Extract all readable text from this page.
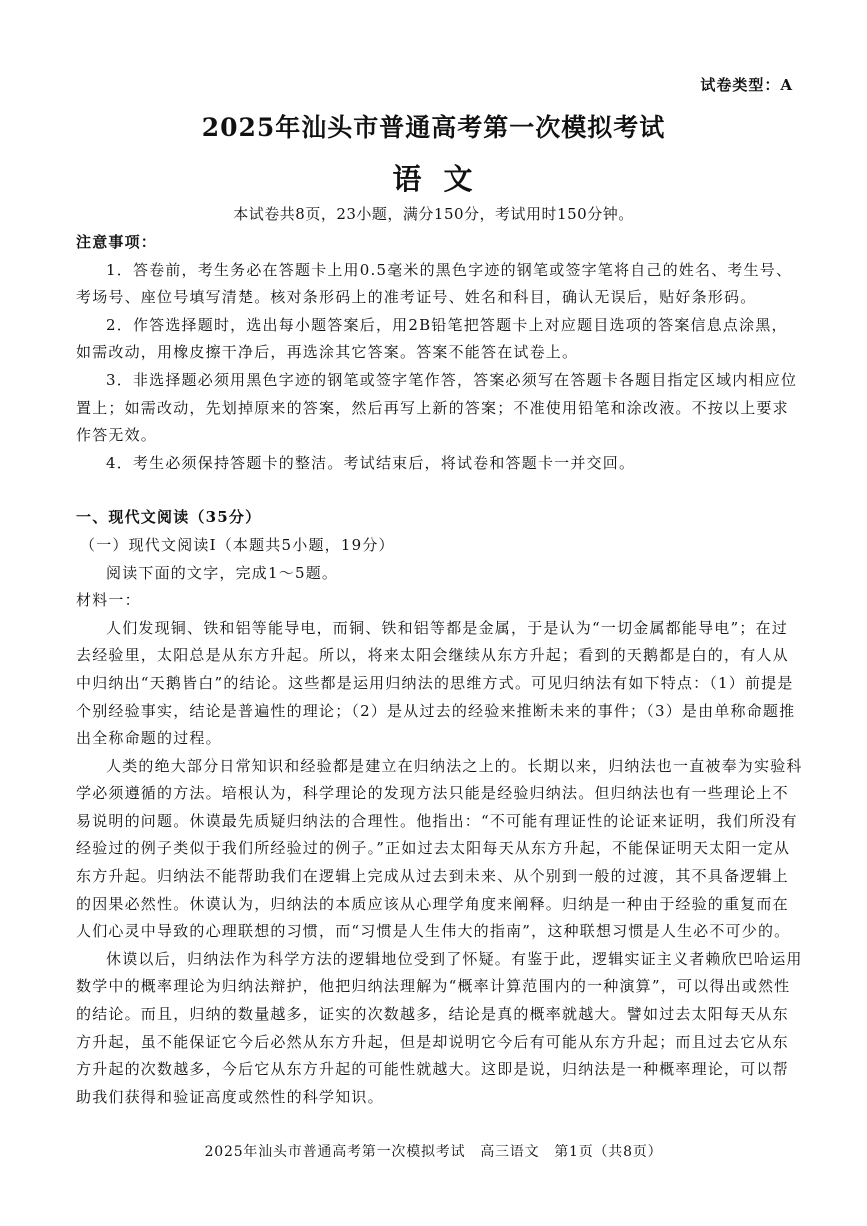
试卷类型：A
2025年汕头市普通高考第一次模拟考试
语文
本试卷共8页，23小题，满分150分，考试用时150分钟。

注意事项：

1．答卷前，考生务必在答题卡上用0.5毫米的黑色字迹的钢笔或签字笔将自己的姓名、考生号、考场号、座位号填写清楚。核对条形码上的准考证号、姓名和科目，确认无误后，贴好条形码。

2．作答选择题时，选出每小题答案后，用2B铅笔把答题卡上对应题目选项的答案信息点涂黑，如需改动，用橡皮擦干净后，再选涂其它答案。答案不能答在试卷上。

3．非选择题必须用黑色字迹的钢笔或签字笔作答，答案必须写在答题卡各题目指定区域内相应位置上；如需改动，先划掉原来的答案，然后再写上新的答案；不准使用铅笔和涂改液。不按以上要求作答无效。

4．考生必须保持答题卡的整洁。考试结束后，将试卷和答题卡一并交回。

一、现代文阅读（35分）

（一）现代文阅读Ⅰ（本题共5小题，19分）

阅读下面的文字，完成1～5题。

材料一：

人们发现铜、铁和铝等能导电，而铜、铁和铝等都是金属，于是认为“一切金属都能导电”；在过去经验里，太阳总是从东方升起。所以，将来太阳会继续从东方升起；看到的天鹅都是白的，有人从中归纳出“天鹅皆白”的结论。这些都是运用归纳法的思维方式。可见归纳法有如下特点：（1）前提是个别经验事实，结论是普遍性的理论；（2）是从过去的经验来推断未来的事件；（3）是由单称命题推出全称命题的过程。

人类的绝大部分日常知识和经验都是建立在归纳法之上的。长期以来，归纳法也一直被奉为实验科学必须遵循的方法。培根认为，科学理论的发现方法只能是经验归纳法。但归纳法也有一些理论上不易说明的问题。休谟最先质疑归纳法的合理性。他指出：“不可能有理证性的论证来证明，我们所没有经验过的例子类似于我们所经验过的例子。”正如过去太阳每天从东方升起，不能保证明天太阳一定从东方升起。归纳法不能帮助我们在逻辑上完成从过去到未来、从个别到一般的过渡，其不具备逻辑上的因果必然性。休谟认为，归纳法的本质应该从心理学角度来阐释。归纳是一种由于经验的重复而在人们心灵中导致的心理联想的习惯，而“习惯是人生伟大的指南”，这种联想习惯是人生必不可少的。

休谟以后，归纳法作为科学方法的逻辑地位受到了怀疑。有鉴于此，逻辑实证主义者赖欣巴哈运用数学中的概率理论为归纳法辩护，他把归纳法理解为“概率计算范围内的一种演算”，可以得出或然性的结论。而且，归纳的数量越多，证实的次数越多，结论是真的概率就越大。譬如过去太阳每天从东方升起，虽不能保证它今后必然从东方升起，但是却说明它今后有可能从东方升起；而且过去它从东方升起的次数越多，今后它从东方升起的可能性就越大。这即是说，归纳法是一种概率理论，可以帮助我们获得和验证高度或然性的科学知识。

2025年汕头市普通高考第一次模拟考试　高三语文　第1页（共8页）
